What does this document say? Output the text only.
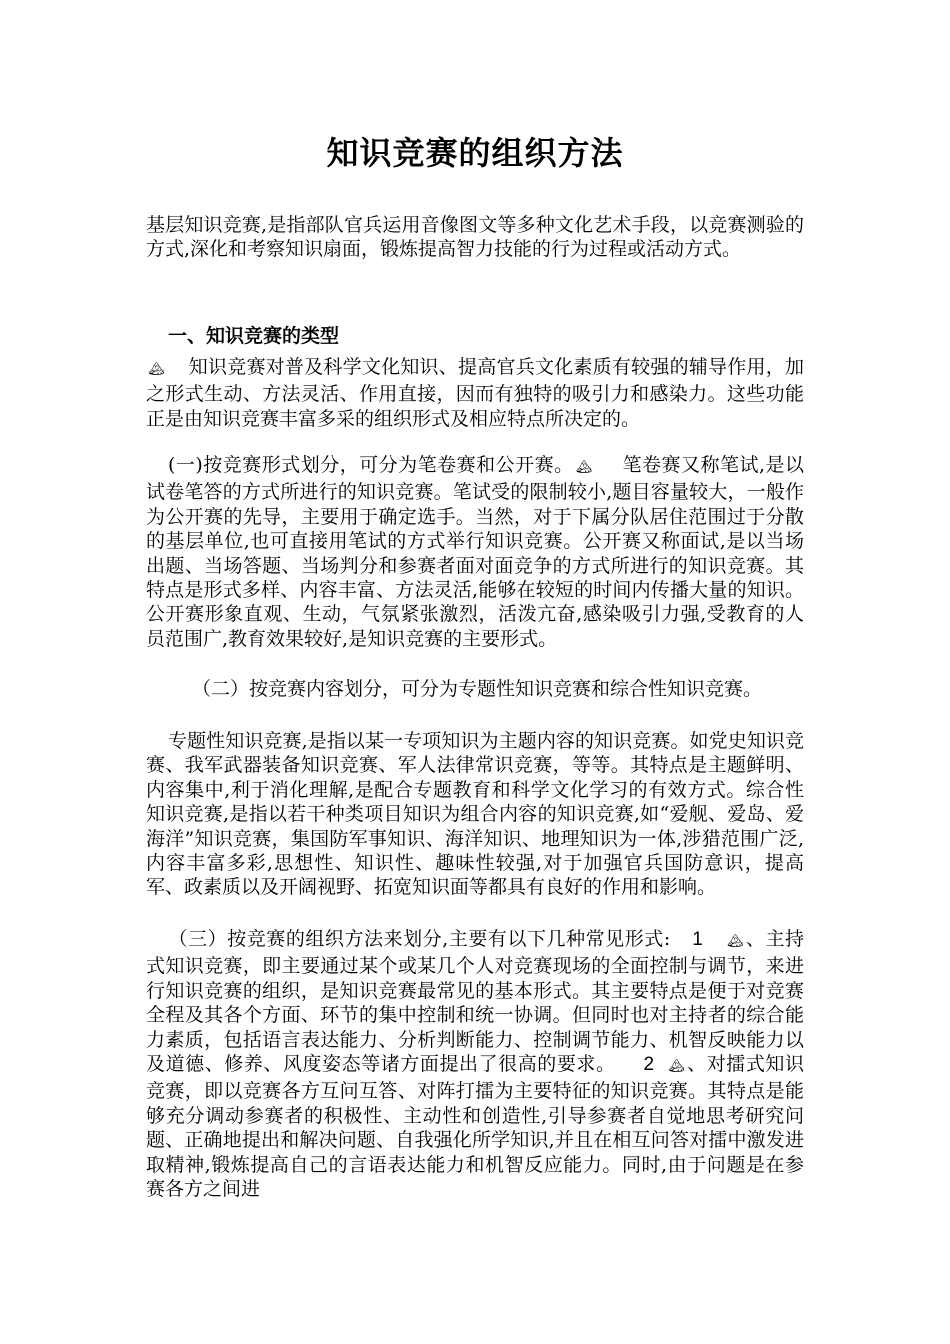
知识竞赛的组织方法

基层知识竞赛,是指部队官兵运用音像图文等多种文化艺术手段，以竞赛测验的方式,深化和考察知识扇面，锻炼提高智力技能的行为过程或活动方式。

一、知识竞赛的类型

🏔︎ 知识竞赛对普及科学文化知识、提高官兵文化素质有较强的辅导作用，加之形式生动、方法灵活、作用直接，因而有独特的吸引力和感染力。这些功能正是由知识竞赛丰富多采的组织形式及相应特点所决定的。

(一)按竞赛形式划分，可分为笔卷赛和公开赛。 🏔︎ 笔卷赛又称笔试,是以试卷笔答的方式所进行的知识竞赛。笔试受的限制较小,题目容量较大，一般作为公开赛的先导，主要用于确定选手。当然，对于下属分队居住范围过于分散的基层单位,也可直接用笔试的方式举行知识竞赛。公开赛又称面试,是以当场出题、当场答题、当场判分和参赛者面对面竞争的方式所进行的知识竞赛。其特点是形式多样、内容丰富、方法灵活,能够在较短的时间内传播大量的知识。公开赛形象直观、生动，气氛紧张激烈，活泼亢奋,感染吸引力强,受教育的人员范围广,教育效果较好,是知识竞赛的主要形式。

（二）按竞赛内容划分，可分为专题性知识竞赛和综合性知识竞赛。

专题性知识竞赛,是指以某一专项知识为主题内容的知识竞赛。如党史知识竞赛、我军武器装备知识竞赛、军人法律常识竞赛，等等。其特点是主题鲜明、内容集中,利于消化理解,是配合专题教育和科学文化学习的有效方式。综合性知识竞赛,是指以若干种类项目知识为组合内容的知识竞赛,如“爱舰、爱岛、爱海洋”知识竞赛，集国防军事知识、海洋知识、地理知识为一体,涉猎范围广泛,内容丰富多彩,思想性、知识性、趣味性较强,对于加强官兵国防意识，提高军、政素质以及开阔视野、拓宽知识面等都具有良好的作用和影响。

（三）按竞赛的组织方法来划分,主要有以下几种常见形式: 1 🏔︎ 、主持式知识竞赛，即主要通过某个或某几个人对竞赛现场的全面控制与调节，来进行知识竞赛的组织，是知识竞赛最常见的基本形式。其主要特点是便于对竞赛全程及其各个方面、环节的集中控制和统一协调。但同时也对主持者的综合能力素质，包括语言表达能力、分析判断能力、控制调节能力、机智反映能力以及道德、修养、风度姿态等诸方面提出了很高的要求。 2 🏔︎ 、对擂式知识竞赛，即以竞赛各方互问互答、对阵打擂为主要特征的知识竞赛。其特点是能够充分调动参赛者的积极性、主动性和创造性,引导参赛者自觉地思考研究问题、正确地提出和解决问题、自我强化所学知识,并且在相互问答对擂中激发进取精神,锻炼提高自己的言语表达能力和机智反应能力。同时,由于问题是在参赛各方之间进
